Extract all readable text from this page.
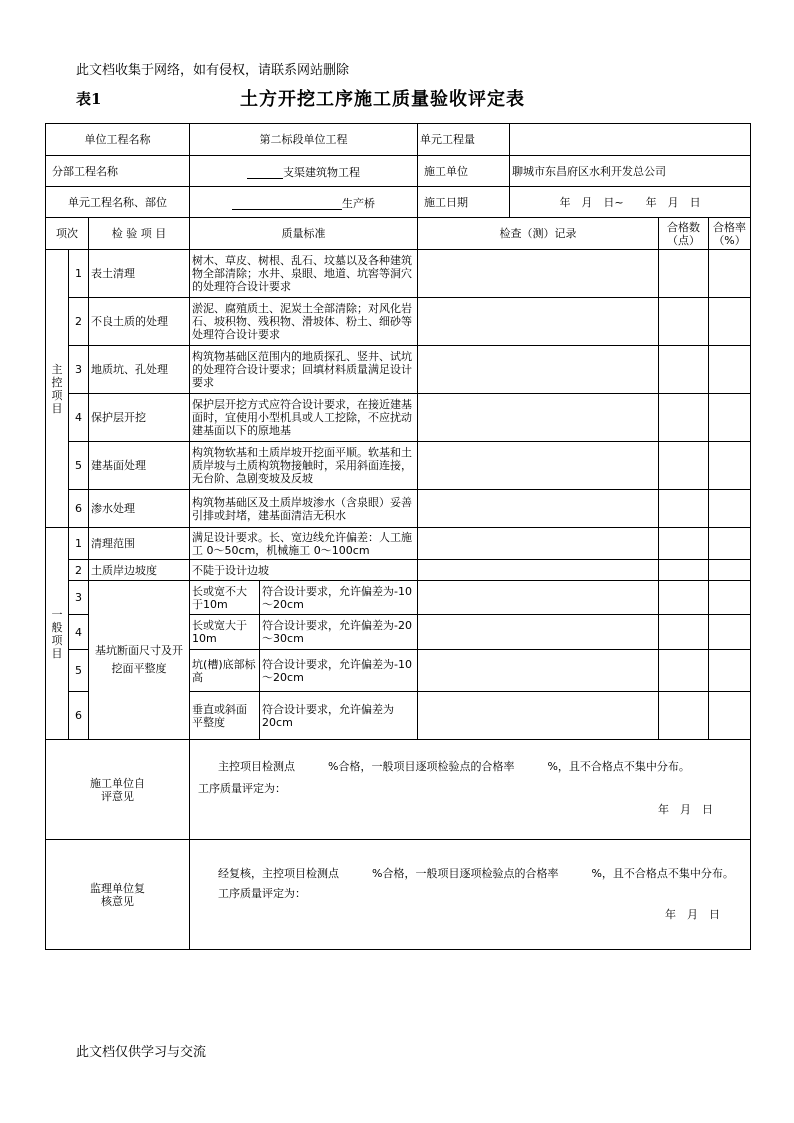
此文档收集于网络，如有侵权，请联系网站删除
表1	土方开挖工序施工质量验收评定表
单位工程名称			第二标段单位工程		单元工程量			
分部工程名称			支渠建筑物工程		施工单位	聊城市东昌府区水利开发总公司		
单元工程名称、部位			生产桥		施工日期	年　月　日~　　年　月　日		
项次		检 验 项 目	质量标准		检查（测）记录		合格数（点）	合格率（%）
主
控
项
目	1	表土清理	树木、草皮、树根、乱石、坟墓以及各种建筑物全部清除；水井、泉眼、地道、坑窖等洞穴的处理符合设计要求					
	2	不良土质的处理	淤泥、腐殖质土、泥炭土全部清除；对风化岩石、坡积物、残积物、滑坡体、粉土、细砂等处理符合设计要求					
	3	地质坑、孔处理	构筑物基础区范围内的地质探孔、竖井、试坑的处理符合设计要求；回填材料质量满足设计要求					
	4	保护层开挖	保护层开挖方式应符合设计要求，在接近建基面时，宜使用小型机具或人工挖除，不应扰动建基面以下的原地基					
	5	建基面处理	构筑物软基和土质岸坡开挖面平顺。软基和土质岸坡与土质构筑物接触时，采用斜面连接，无台阶、急剧变坡及反坡					
	6	渗水处理	构筑物基础区及土质岸坡渗水（含泉眼）妥善引排或封堵，建基面清洁无积水					
一
般
项
目	1	清理范围	满足设计要求。长、宽边线允许偏差：人工施工 0～50cm，机械施工 0～100cm					
	2	土质岸边坡度	不陡于设计边坡					
	3	基坑断面尺寸及开挖面平整度	长或宽不大于10m	符合设计要求，允许偏差为-10～20cm				
	4		长或宽大于10m	符合设计要求，允许偏差为-20～30cm				
	5		坑(槽)底部标高	符合设计要求，允许偏差为-10～20cm				
	6		垂直或斜面平整度	符合设计要求，允许偏差为20cm				

施工单位自评意见			主控项目检测点　　　%合格，一般项目逐项检验点的合格率　　　%，且不合格点不集中分布。
工序质量评定为：
年　月　日					

监理单位复核意见			经复核，主控项目检测点　　　%合格，一般项目逐项检验点的合格率　　　%，且不合格点不集中分布。
工序质量评定为：
年　月　日					
此文档仅供学习与交流
